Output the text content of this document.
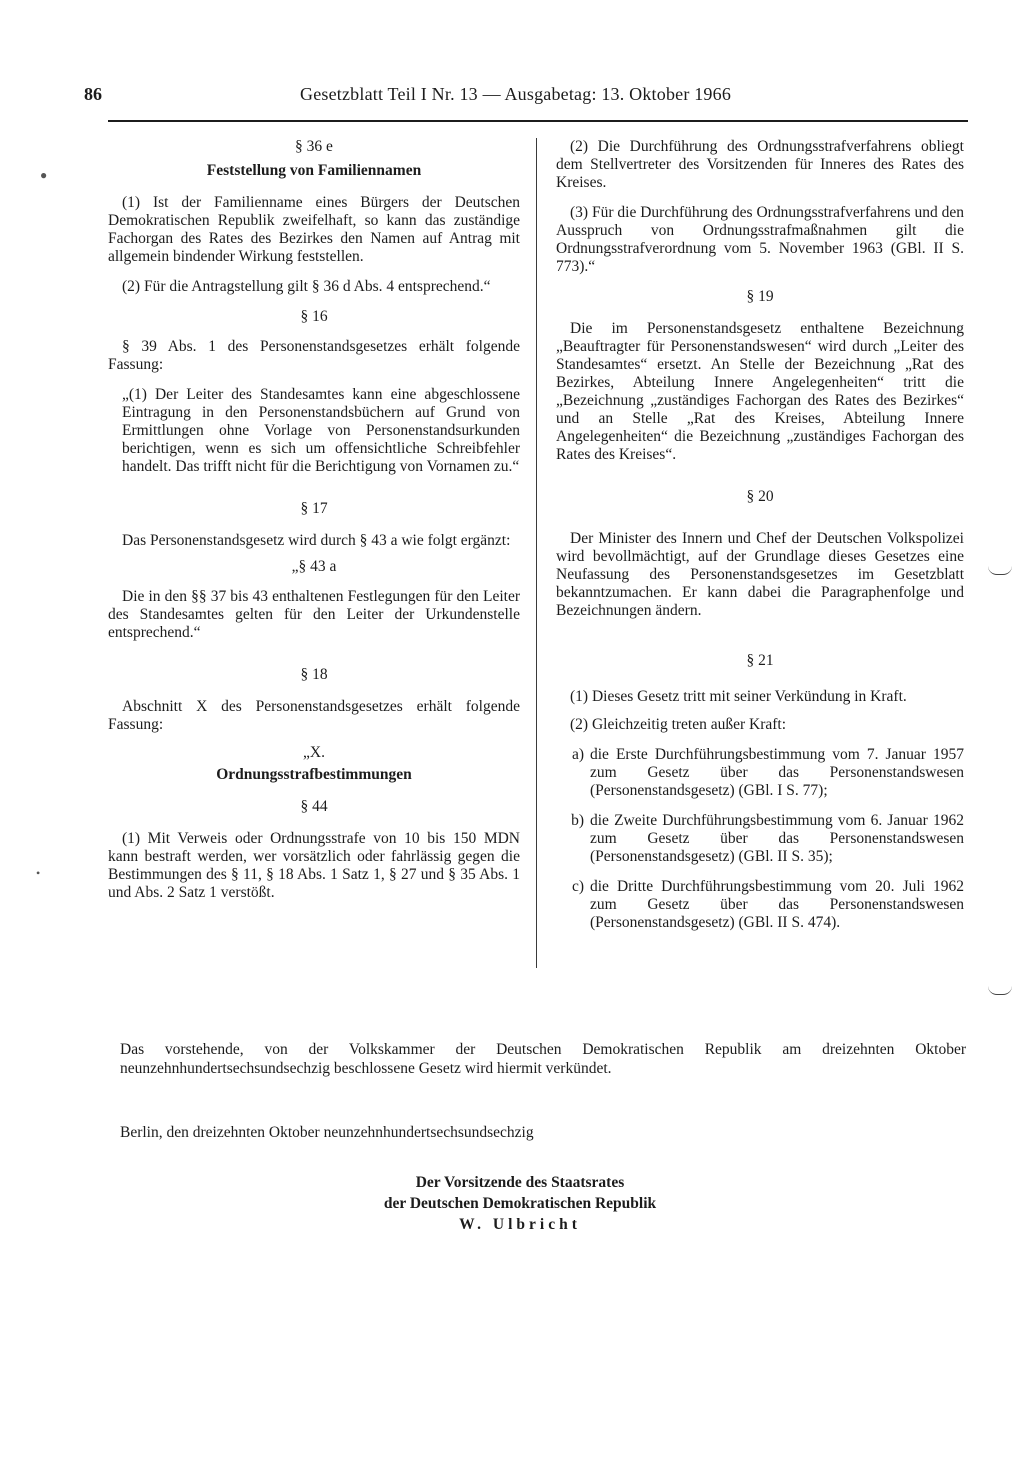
86	Gesetzblatt Teil I Nr. 13 — Ausgabetag: 13. Oktober 1966
§ 36 e
Feststellung von Familiennamen

(1) Ist der Familienname eines Bürgers der Deutschen Demokratischen Republik zweifelhaft, so kann das zuständige Fachorgan des Rates des Bezirkes den Namen auf Antrag mit allgemein bindender Wirkung feststellen.

(2) Für die Antragstellung gilt § 36 d Abs. 4 entsprechend.“

§ 16

§ 39 Abs. 1 des Personenstandsgesetzes erhält folgende Fassung:

„(1) Der Leiter des Standesamtes kann eine abgeschlossene Eintragung in den Personenstandsbüchern auf Grund von Ermittlungen ohne Vorlage von Personenstandsurkunden berichtigen, wenn es sich um offensichtliche Schreibfehler handelt. Das trifft nicht für die Berichtigung von Vornamen zu.“

§ 17

Das Personenstandsgesetz wird durch § 43 a wie folgt ergänzt:

„§ 43 a

Die in den §§ 37 bis 43 enthaltenen Festlegungen für den Leiter des Standesamtes gelten für den Leiter der Urkundenstelle entsprechend.“

§ 18

Abschnitt X des Personenstandsgesetzes erhält folgende Fassung:

„X.
Ordnungsstrafbestimmungen
§ 44

(1) Mit Verweis oder Ordnungsstrafe von 10 bis 150 MDN kann bestraft werden, wer vorsätzlich oder fahrlässig gegen die Bestimmungen des § 11, § 18 Abs. 1 Satz 1, § 27 und § 35 Abs. 1 und Abs. 2 Satz 1 verstößt.

(2) Die Durchführung des Ordnungsstrafverfahrens obliegt dem Stellvertreter des Vorsitzenden für Inneres des Rates des Kreises.

(3) Für die Durchführung des Ordnungsstrafverfahrens und den Ausspruch von Ordnungsstrafmaßnahmen gilt die Ordnungsstrafverordnung vom 5. November 1963 (GBl. II S. 773).“

§ 19

Die im Personenstandsgesetz enthaltene Bezeichnung „Beauftragter für Personenstandswesen“ wird durch „Leiter des Standesamtes“ ersetzt. An Stelle der Bezeichnung „Rat des Bezirkes, Abteilung Innere Angelegenheiten“ tritt die „Bezeichnung „zuständiges Fachorgan des Rates des Bezirkes“ und an Stelle „Rat des Kreises, Abteilung Innere Angelegenheiten“ die Bezeichnung „zuständiges Fachorgan des Rates des Kreises“.

§ 20

Der Minister des Innern und Chef der Deutschen Volkspolizei wird bevollmächtigt, auf der Grundlage dieses Gesetzes eine Neufassung des Personenstandsgesetzes im Gesetzblatt bekanntzumachen. Er kann dabei die Paragraphenfolge und Bezeichnungen ändern.

§ 21

(1) Dieses Gesetz tritt mit seiner Verkündung in Kraft.

(2) Gleichzeitig treten außer Kraft:

a) die Erste Durchführungsbestimmung vom 7. Januar 1957 zum Gesetz über das Personenstandswesen (Personenstandsgesetz) (GBl. I S. 77);
b) die Zweite Durchführungsbestimmung vom 6. Januar 1962 zum Gesetz über das Personenstandswesen (Personenstandsgesetz) (GBl. II S. 35);
c) die Dritte Durchführungsbestimmung vom 20. Juli 1962 zum Gesetz über das Personenstandswesen (Personenstandsgesetz) (GBl. II S. 474).
Das vorstehende, von der Volkskammer der Deutschen Demokratischen Republik am dreizehnten Oktober neunzehnhundertsechsundsechzig beschlossene Gesetz wird hiermit verkündet.
Berlin, den dreizehnten Oktober neunzehnhundertsechsundsechzig
Der Vorsitzende des Staatsrates
der Deutschen Demokratischen Republik
W. Ulbricht
●
•
